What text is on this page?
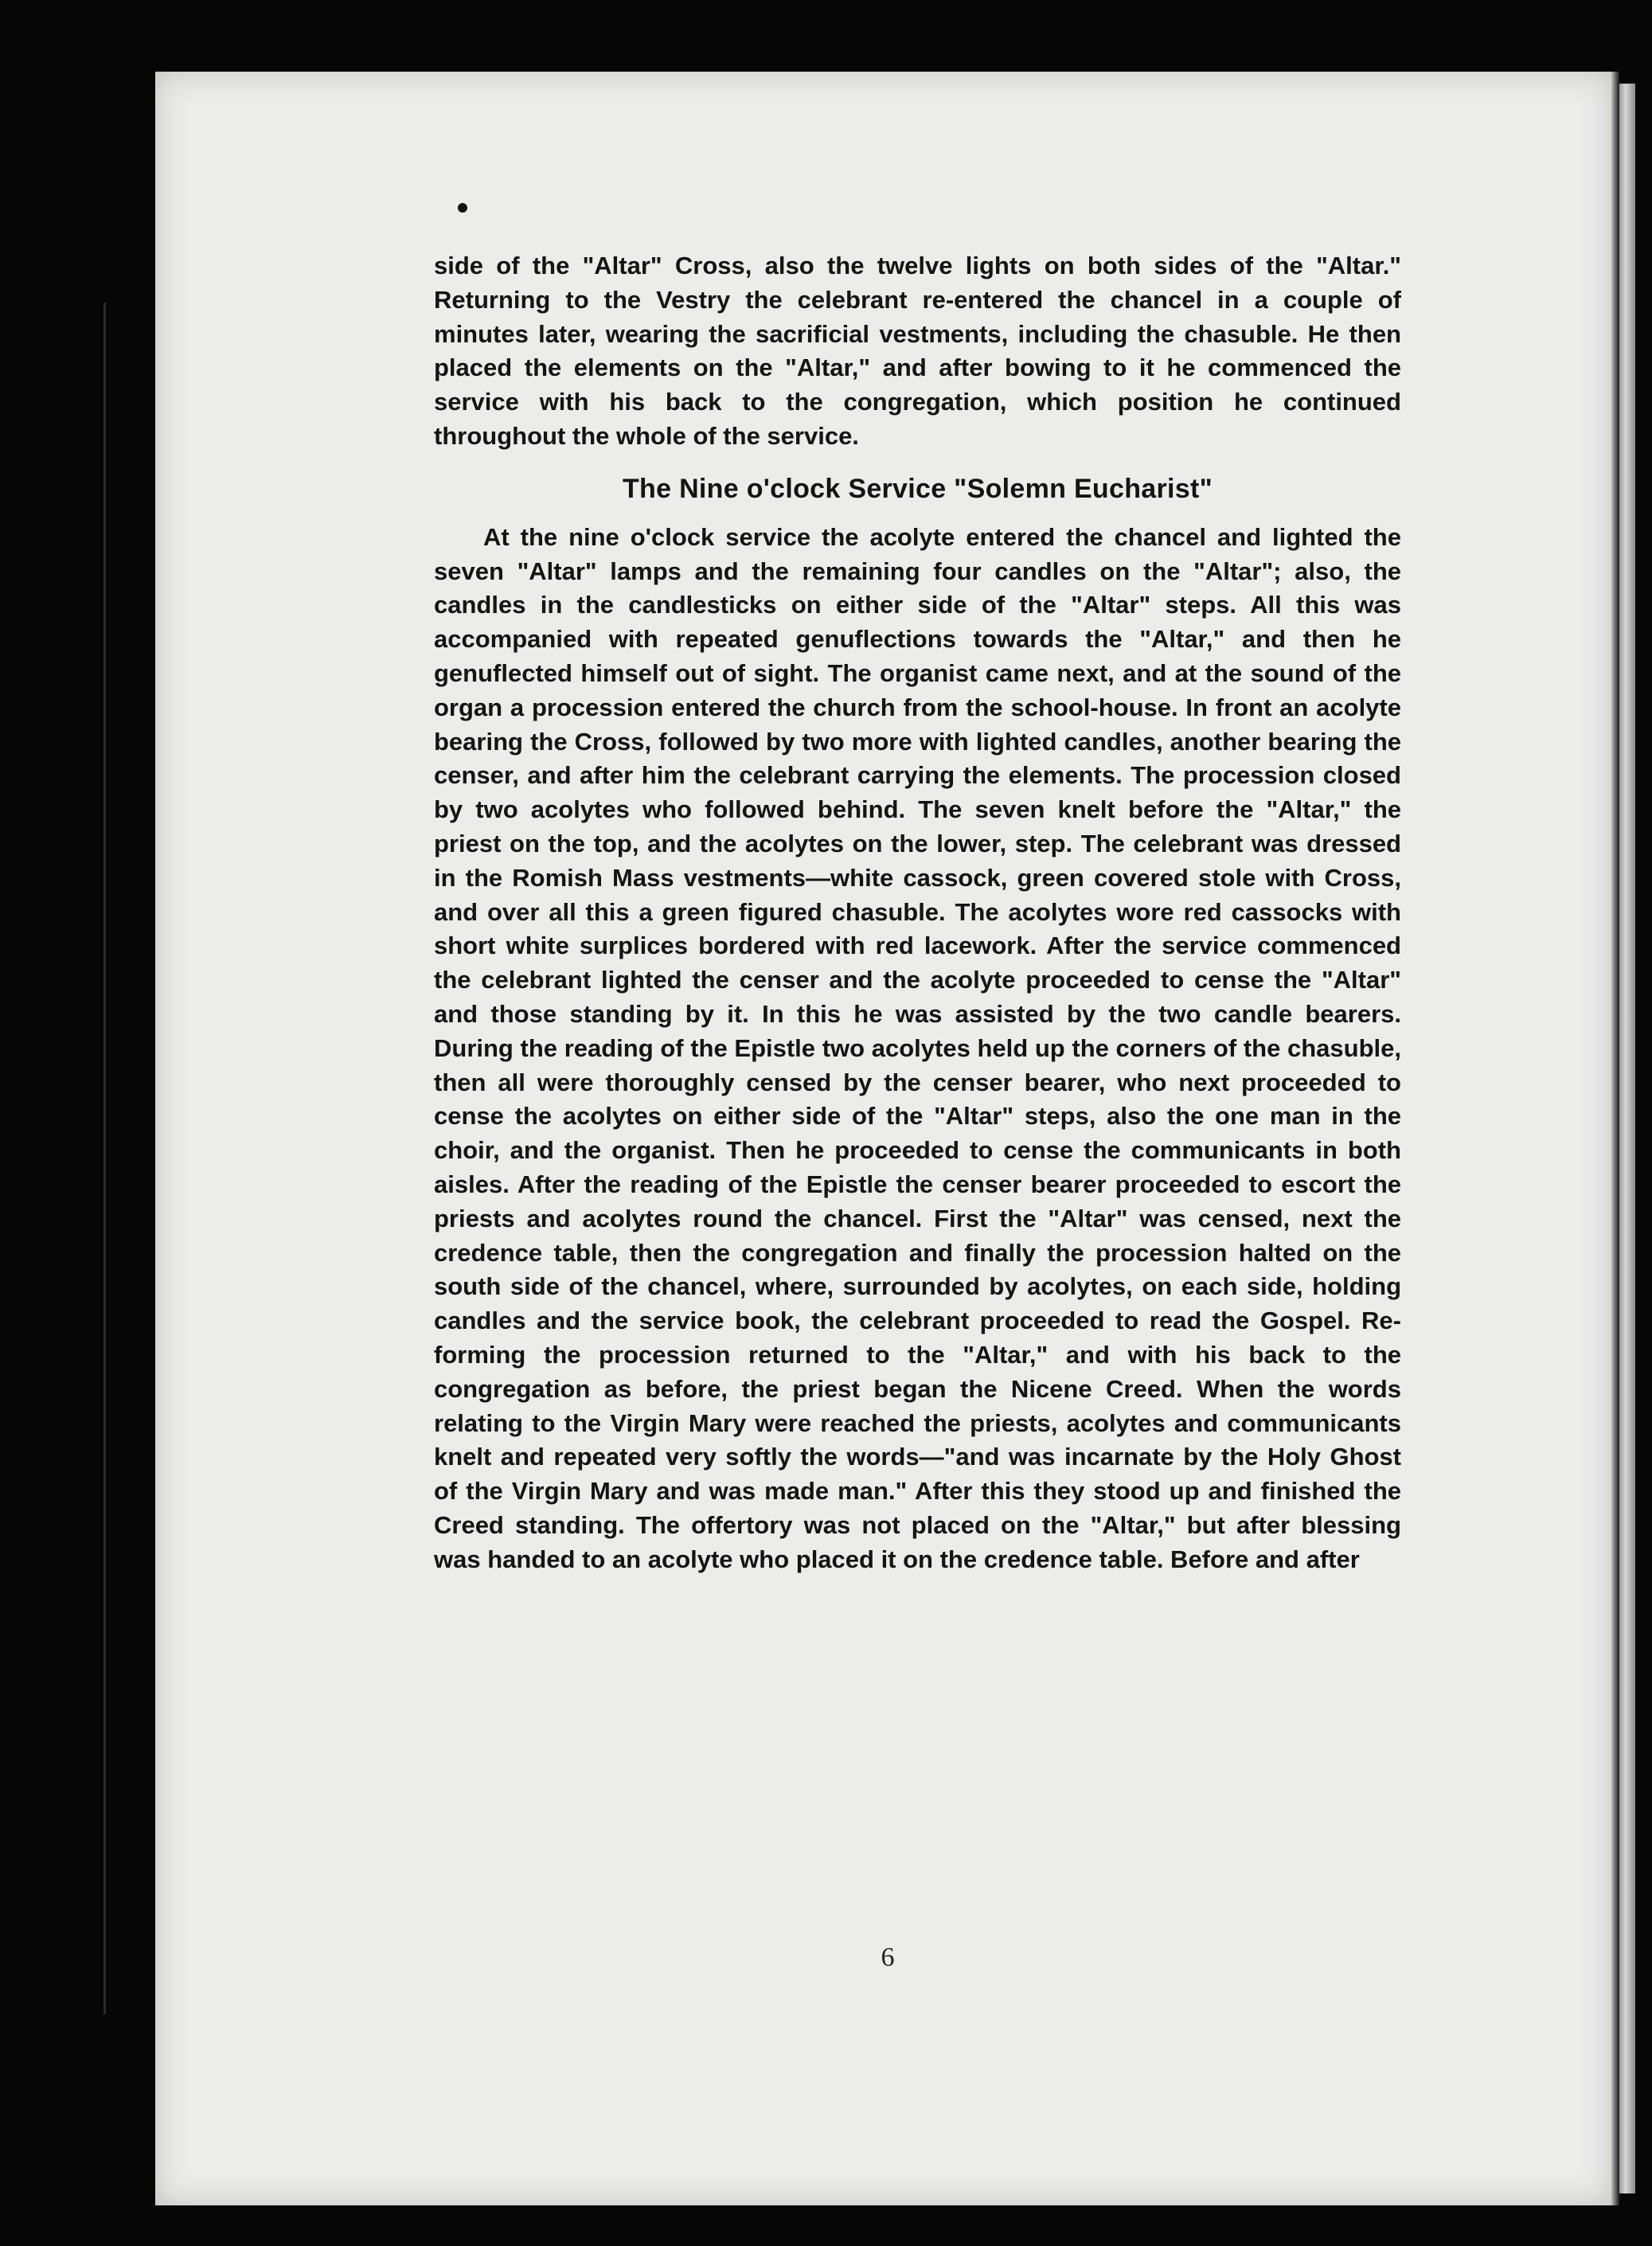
side of the "Altar" Cross, also the twelve lights on both sides of the "Altar." Returning to the Vestry the celebrant re-entered the chancel in a couple of minutes later, wearing the sacrificial vestments, including the chasuble. He then placed the elements on the "Altar," and after bowing to it he commenced the service with his back to the congregation, which position he continued throughout the whole of the service.

The Nine o'clock Service "Solemn Eucharist"

At the nine o'clock service the acolyte entered the chancel and lighted the seven "Altar" lamps and the remaining four candles on the "Altar"; also, the candles in the candlesticks on either side of the "Altar" steps. All this was accompanied with repeated genuflections towards the "Altar," and then he genuflected himself out of sight. The organist came next, and at the sound of the organ a procession entered the church from the school-house. In front an acolyte bearing the Cross, followed by two more with lighted candles, another bearing the censer, and after him the celebrant carrying the elements. The procession closed by two acolytes who followed behind. The seven knelt before the "Altar," the priest on the top, and the acolytes on the lower, step. The celebrant was dressed in the Romish Mass vestments—white cassock, green covered stole with Cross, and over all this a green figured chasuble. The acolytes wore red cassocks with short white surplices bordered with red lacework. After the service commenced the celebrant lighted the censer and the acolyte proceeded to cense the "Altar" and those standing by it. In this he was assisted by the two candle bearers. During the reading of the Epistle two acolytes held up the corners of the chasuble, then all were thoroughly censed by the censer bearer, who next proceeded to cense the acolytes on either side of the "Altar" steps, also the one man in the choir, and the organist. Then he proceeded to cense the communicants in both aisles. After the reading of the Epistle the censer bearer proceeded to escort the priests and acolytes round the chancel. First the "Altar" was censed, next the credence table, then the congregation and finally the procession halted on the south side of the chancel, where, surrounded by acolytes, on each side, holding candles and the service book, the celebrant proceeded to read the Gospel. Re-forming the procession returned to the "Altar," and with his back to the congregation as before, the priest began the Nicene Creed. When the words relating to the Virgin Mary were reached the priests, acolytes and communicants knelt and repeated very softly the words—"and was incarnate by the Holy Ghost of the Virgin Mary and was made man." After this they stood up and finished the Creed standing. The offertory was not placed on the "Altar," but after blessing was handed to an acolyte who placed it on the credence table. Before and after

6
